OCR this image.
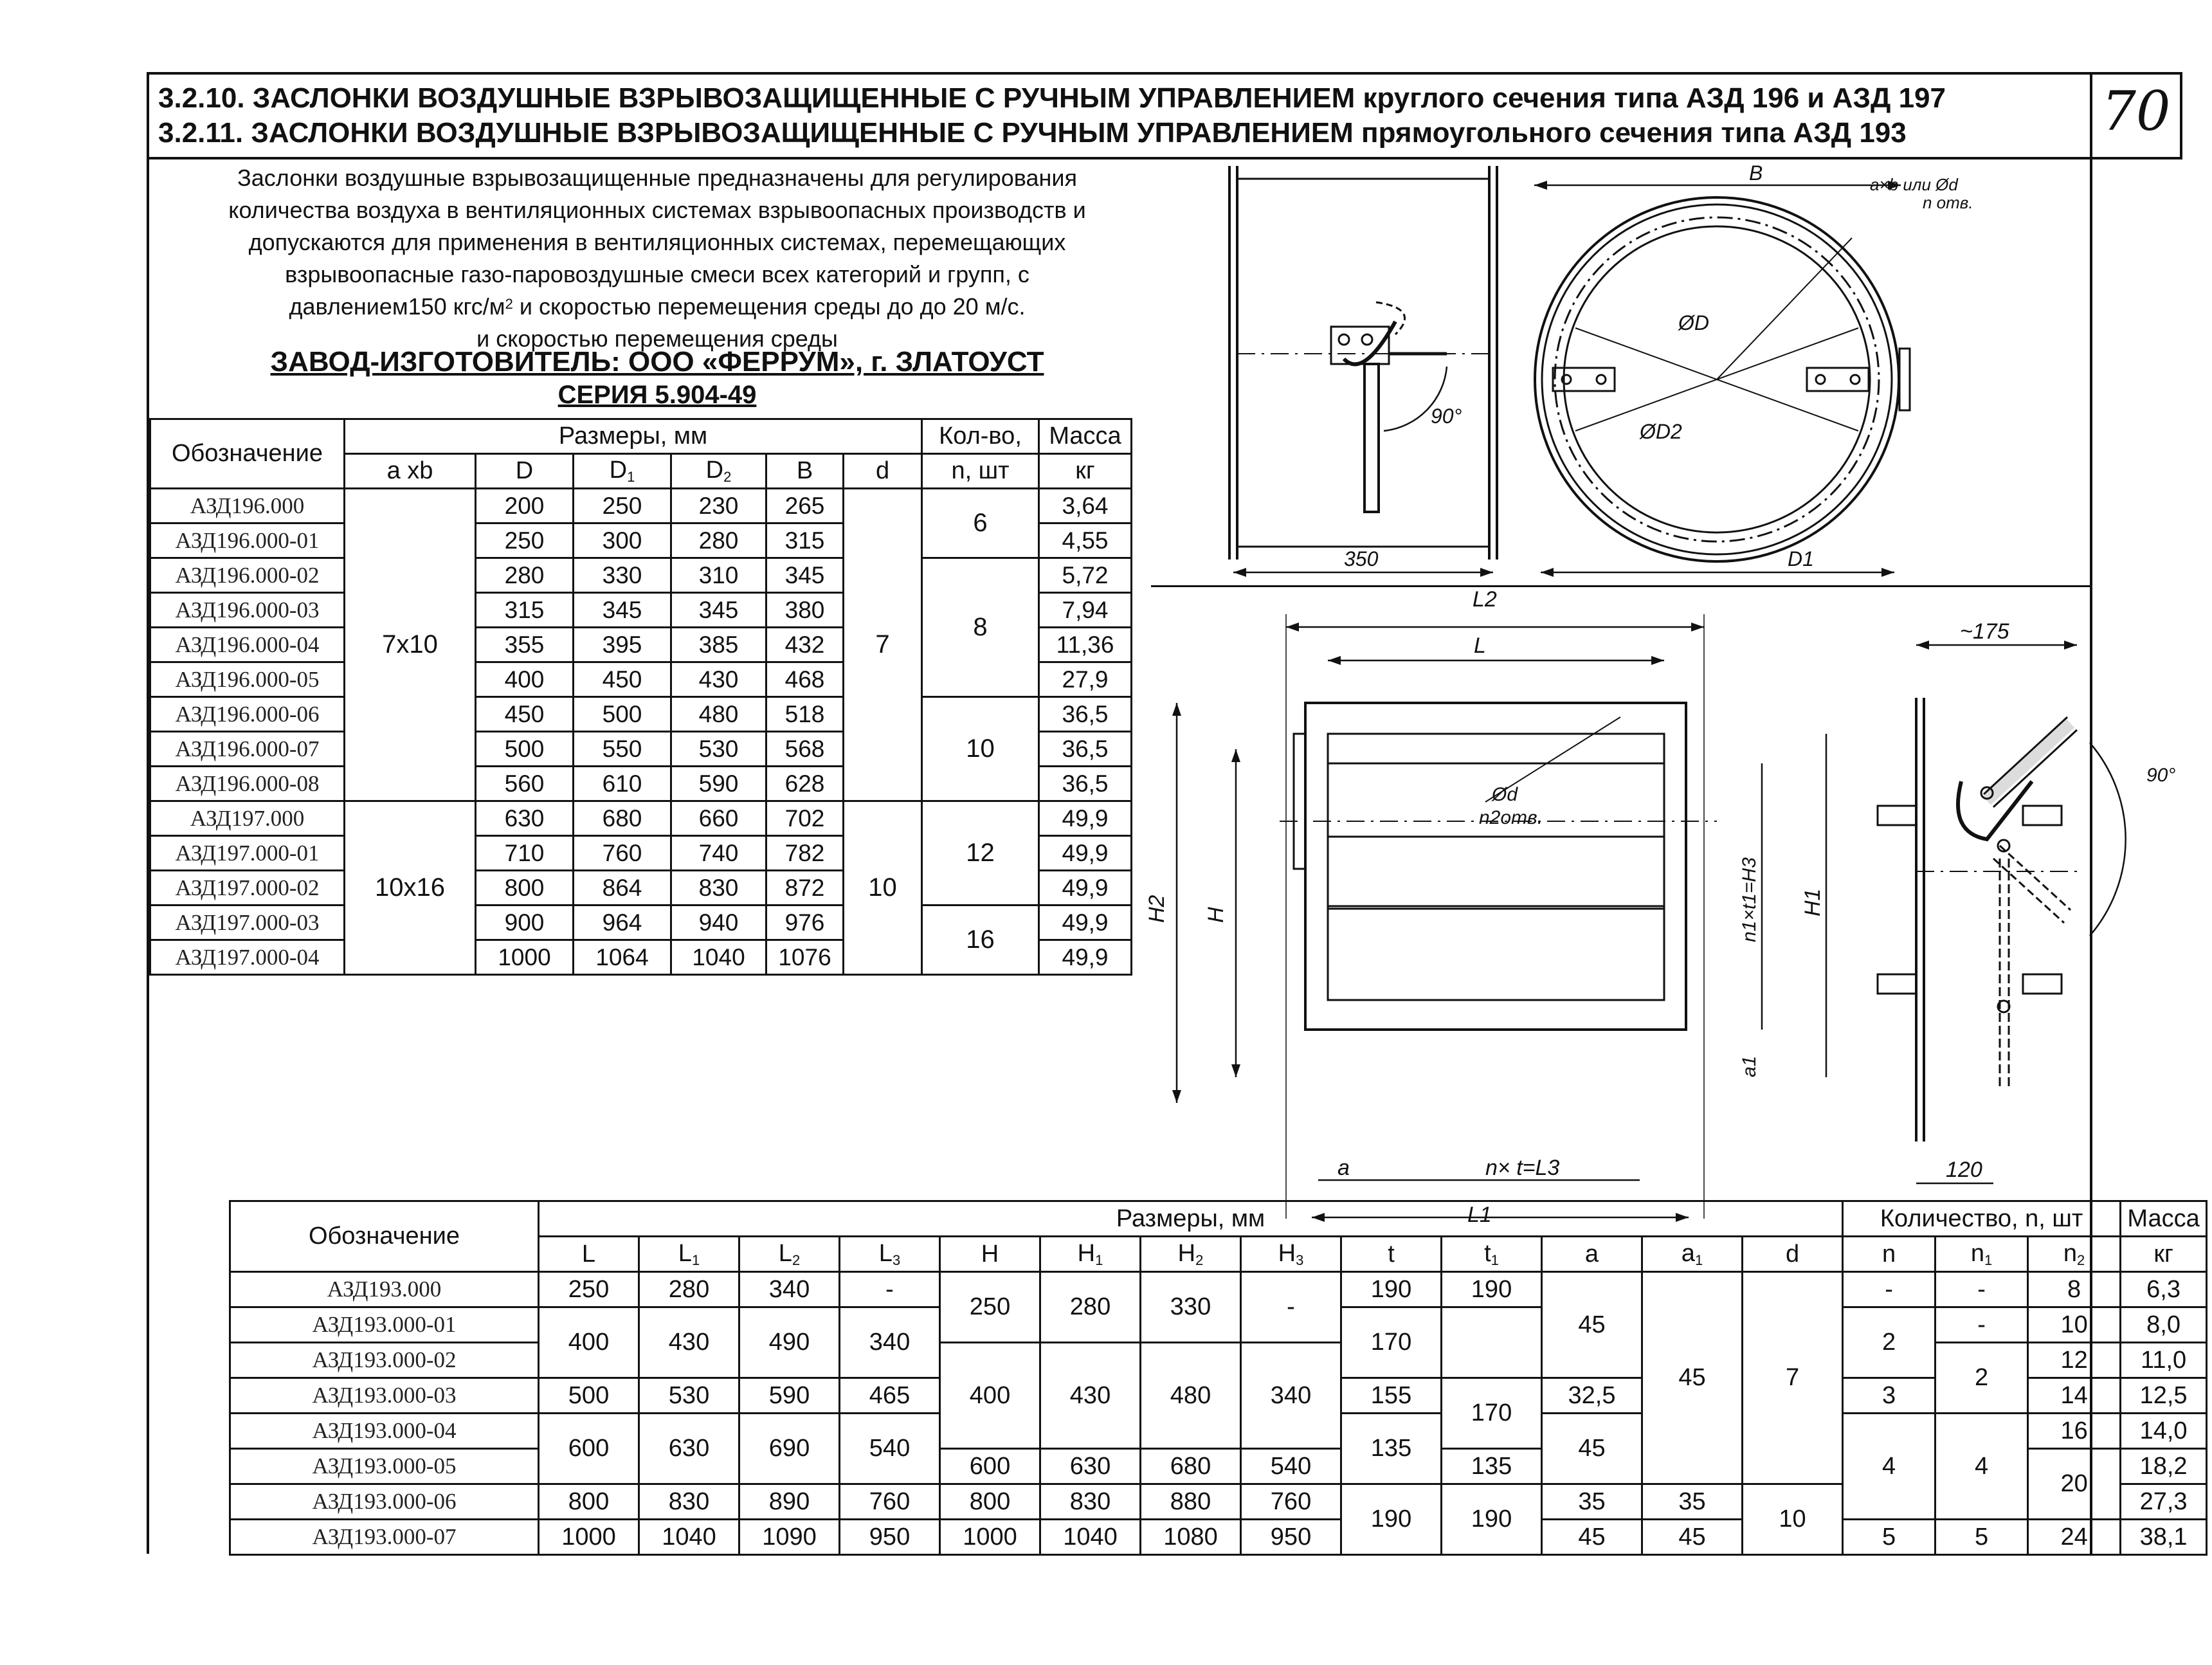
3.2.10. ЗАСЛОНКИ ВОЗДУШНЫЕ ВЗРЫВОЗАЩИЩЕННЫЕ С РУЧНЫМ УПРАВЛЕНИЕМ круглого сечения типа АЗД 196 и АЗД 197
3.2.11. ЗАСЛОНКИ ВОЗДУШНЫЕ ВЗРЫВОЗАЩИЩЕННЫЕ С РУЧНЫМ УПРАВЛЕНИЕМ прямоугольного сечения типа АЗД 193	70
Заслонки воздушные взрывозащищенные предназначены для регулирования
количества воздуха в вентиляционных системах взрывоопасных производств и
допускаются для применения в вентиляционных системах, перемещающих
взрывоопасные газо-паровоздушные смеси всех категорий и групп, с
давлением150 кгс/$м^2$ и скоростью перемещения среды до до 20 м/с.
и скоростью перемещения среды
ЗАВОД-ИЗГОТОВИТЕЛЬ: ООО «ФЕРРУМ», г. ЗЛАТОУСТ
СЕРИЯ 5.904-49
Обозначение	Размеры, мм						Кол-во,	Масса
	a xb	D	$D_1$	$D_2$	B	d	n, шт	кг
АЗД196.000	7x10	200	250	230	265	7	6	3,64
АЗД196.000-01		250	300	280	315			4,55
АЗД196.000-02		280	330	310	345		8	5,72
АЗД196.000-03		315	345	345	380			7,94
АЗД196.000-04		355	395	385	432			11,36
АЗД196.000-05		400	450	430	468			27,9
АЗД196.000-06		450	500	480	518		10	36,5
АЗД196.000-07		500	550	530	568			36,5
АЗД196.000-08		560	610	590	628			36,5
АЗД197.000	10x16	630	680	660	702	10	12	49,9
АЗД197.000-01		710	760	740	782			49,9
АЗД197.000-02		800	864	830	872			49,9
АЗД197.000-03		900	964	940	976		16	49,9
АЗД197.000-04		1000	1064	1040	1076			49,9
90°
350
ØD
ØD2
B	a×b или Ød
n отв.
D1
L2
L
Ød
n2отв.
H2 H	n1×t1=H3 H1
a1
a	n× t=L3
L1
~175
90°
120
Обозначение	Размеры, мм													Количество, n, шт			Масса
	L	$L_1$	$L_2$	$L_3$	H	$H_1$	$H_2$	$H_3$	t	$t_1$	a	$a_1$	d	n	$n_1$	$n_2$	кг
АЗД193.000	250	280	340	-	250	280	330	-	190	190	45	45	7	-	-	8	6,3
АЗД193.000-01	400	430	490	340					170					2	-	10	8,0
АЗД193.000-02					400	430	480	340							2	12	11,0
АЗД193.000-03	500	530	590	465					155	170	32,5			3		14	12,5
АЗД193.000-04	600	630	690	540					135		45			4	4	16	14,0
АЗД193.000-05					600	630	680	540		135						20	18,2
АЗД193.000-06	800	830	890	760	800	830	880	760	190	190	35	35	10				27,3
АЗД193.000-07	1000	1040	1090	950	1000	1040	1080	950			45	45		5	5	24	38,1
